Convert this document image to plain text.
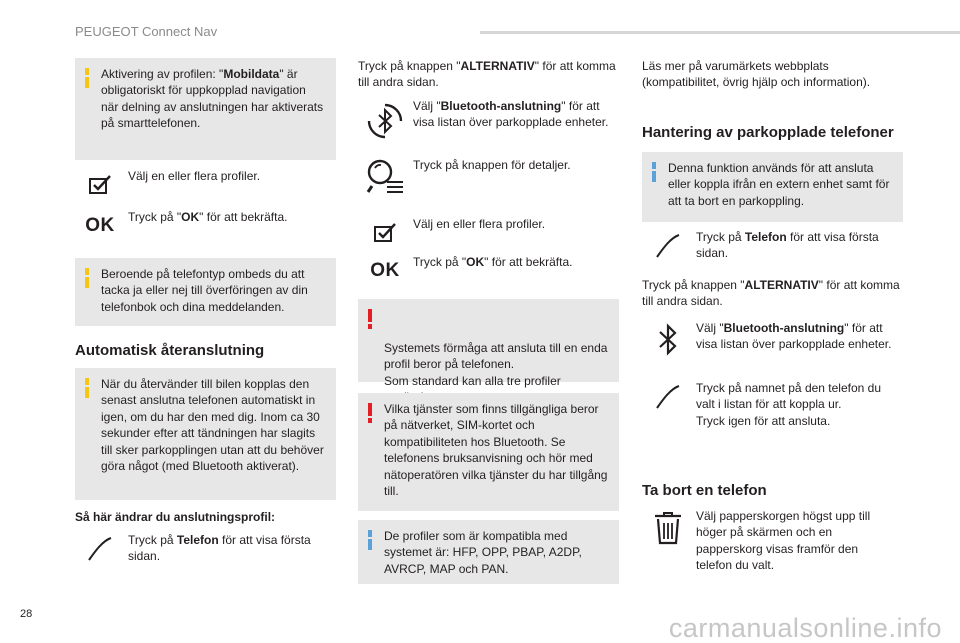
PEUGEOT Connect Nav
Aktivering av profilen: "Mobildata" är obligatoriskt för uppkopplad navigation när delning av anslutningen har aktiverats på smarttelefonen.
Välj en eller flera profiler.
OK	Tryck på "OK" för att bekräfta.
Beroende på telefontyp ombeds du att tacka ja eller nej till överföringen av din telefonbok och dina meddelanden.
Automatisk återanslutning
När du återvänder till bilen kopplas den senast anslutna telefonen automatiskt in igen, om du har den med dig. Inom ca 30 sekunder efter att tändningen har slagits till sker parkopplingen utan att du behöver göra något (med Bluetooth aktiverat).
Så här ändrar du anslutningsprofil:
Tryck på Telefon för att visa första sidan.
Tryck på knappen "ALTERNATIV" för att komma till andra sidan.
Välj "Bluetooth-anslutning" för att visa listan över parkopplade enheter.
Tryck på knappen för detaljer.
Välj en eller flera profiler.
OK	Tryck på "OK" för att bekräfta.

Systemets förmåga att ansluta till en enda profil beror på telefonen.
Som standard kan alla tre profiler

Vilka tjänster som finns tillgängliga beror på nätverket, SIM-kortet och kompatibiliteten hos Bluetooth. Se telefonens bruksanvisning och hör med nätoperatören vilka tjänster du har tillgång till.
De profiler som är kompatibla med systemet är: HFP, OPP, PBAP, A2DP, AVRCP, MAP och PAN.
Läs mer på varumärkets webbplats (kompatibilitet, övrig hjälp och information).
Hantering av parkopplade telefoner
Denna funktion används för att ansluta eller koppla ifrån en extern enhet samt för att ta bort en parkoppling.
Tryck på Telefon för att visa första sidan.
Tryck på knappen "ALTERNATIV" för att komma till andra sidan.
Välj "Bluetooth-anslutning" för att visa listan över parkopplade enheter.

Tryck på namnet på den telefon du valt i listan för att koppla ur.
Tryck igen för att ansluta.

Ta bort en telefon
Välj papperskorgen högst upp till höger på skärmen och en papperskorg visas framför den telefon du valt.
28	carmanualsonline.info
